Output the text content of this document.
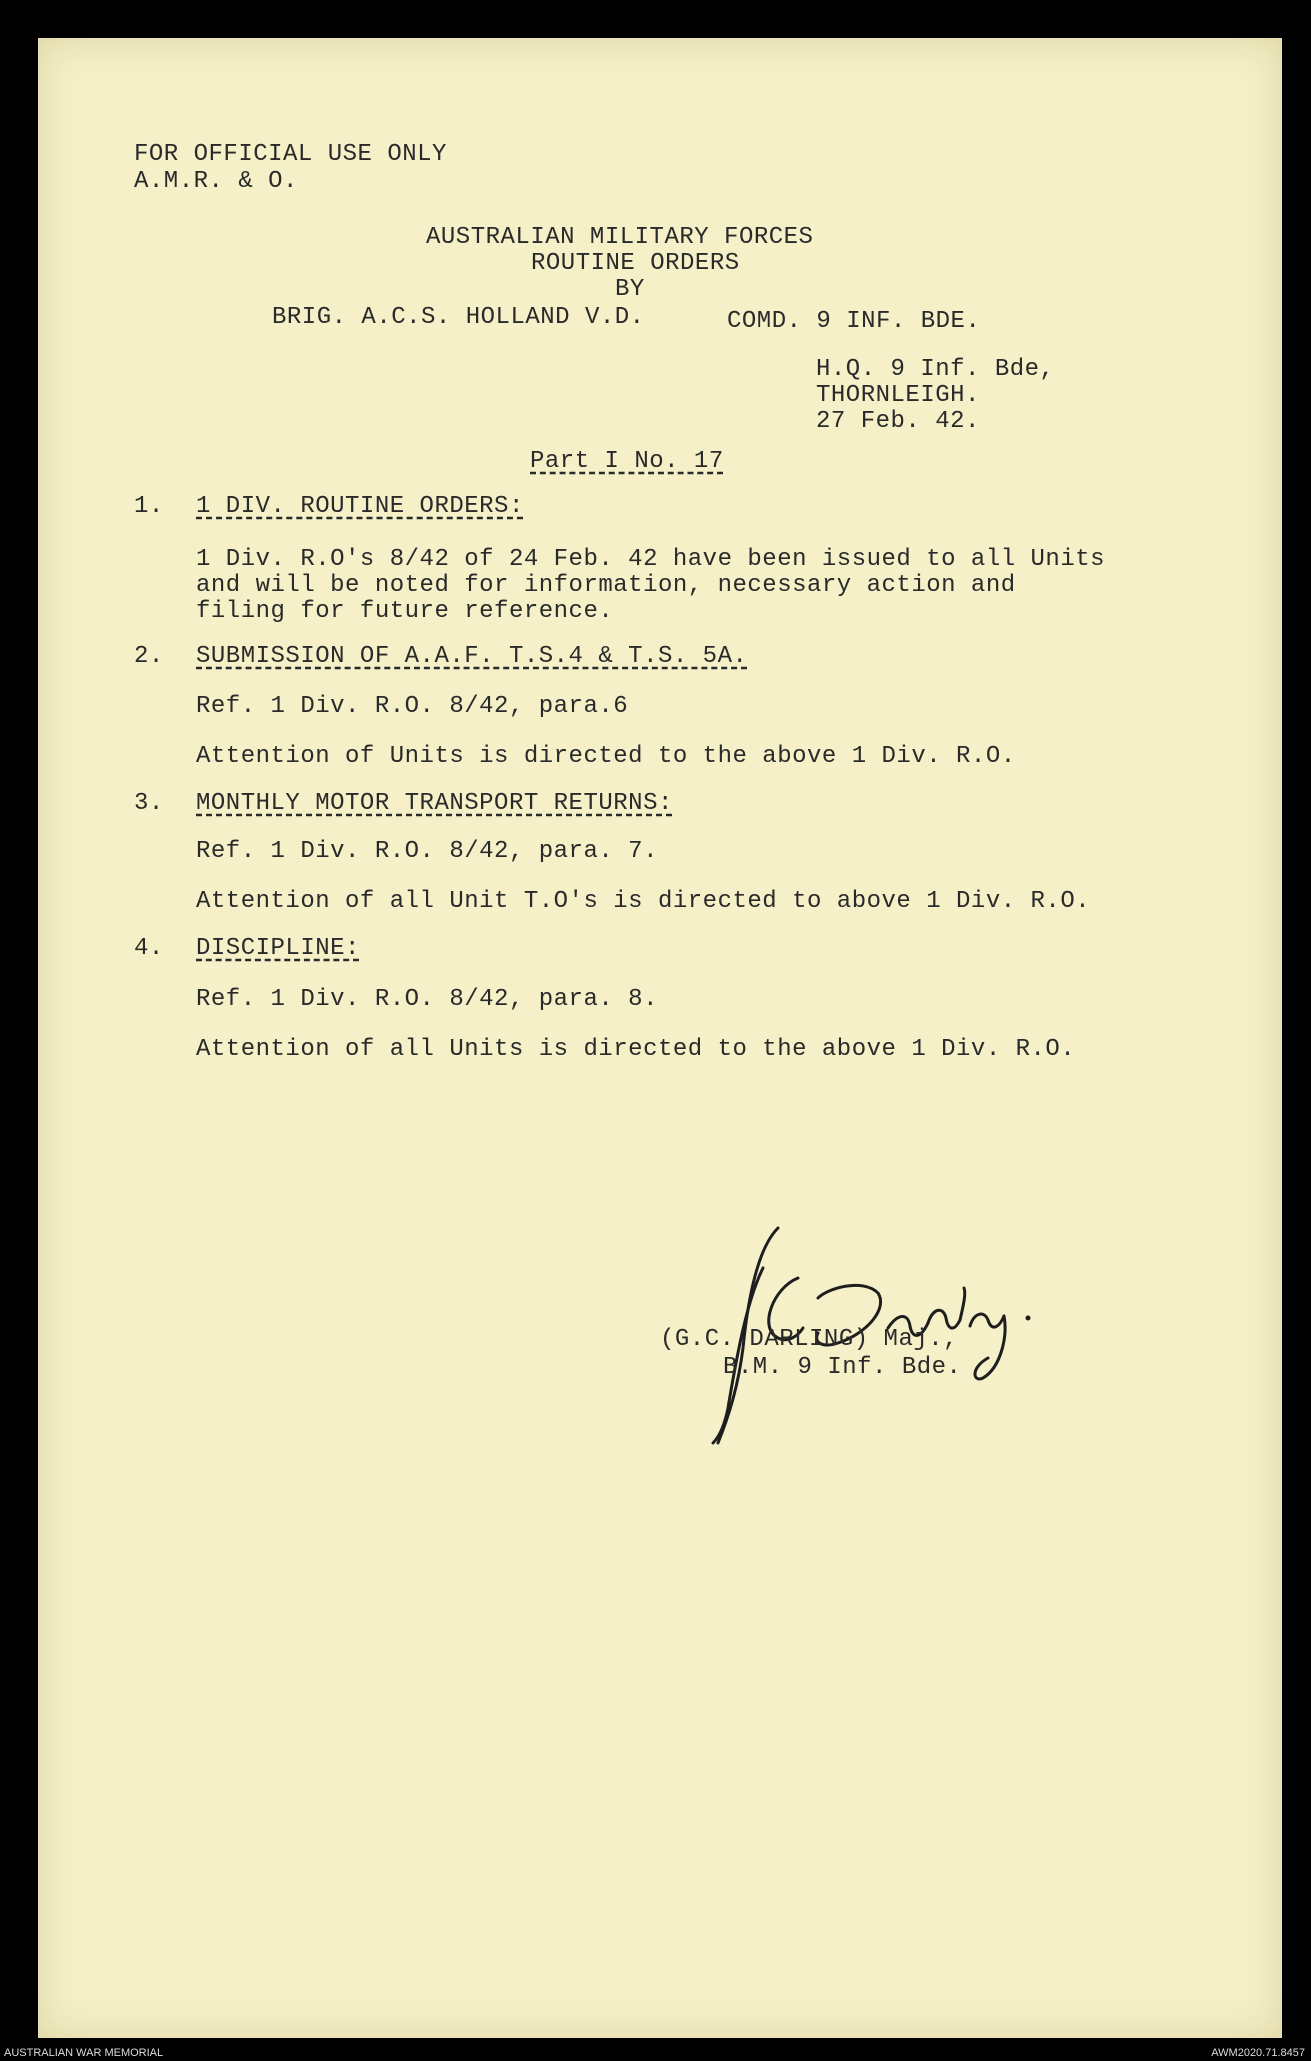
FOR OFFICIAL USE ONLY
A.M.R. & O.
AUSTRALIAN MILITARY FORCES
ROUTINE ORDERS
BY
BRIG. A.C.S. HOLLAND V.D.	COMD. 9 INF. BDE.
H.Q. 9 Inf. Bde,
THORNLEIGH.
27 Feb. 42.
Part I No. 17
1. 1 DIV. ROUTINE ORDERS:
1 Div. R.O's 8/42 of 24 Feb. 42 have been issued to all Units
and will be noted for information, necessary action and
filing for future reference.
2. SUBMISSION OF A.A.F. T.S.4 & T.S. 5A.
Ref. 1 Div. R.O. 8/42, para.6
Attention of Units is directed to the above 1 Div. R.O.
3. MONTHLY MOTOR TRANSPORT RETURNS:
Ref. 1 Div. R.O. 8/42, para. 7.
Attention of all Unit T.O's is directed to above 1 Div. R.O.
4. DISCIPLINE:
Ref. 1 Div. R.O. 8/42, para. 8.
Attention of all Units is directed to the above 1 Div. R.O.
(G.C. DARLING) Maj.,
B.M. 9 Inf. Bde.
AUSTRALIAN WAR MEMORIAL	AWM2020.71.8457
